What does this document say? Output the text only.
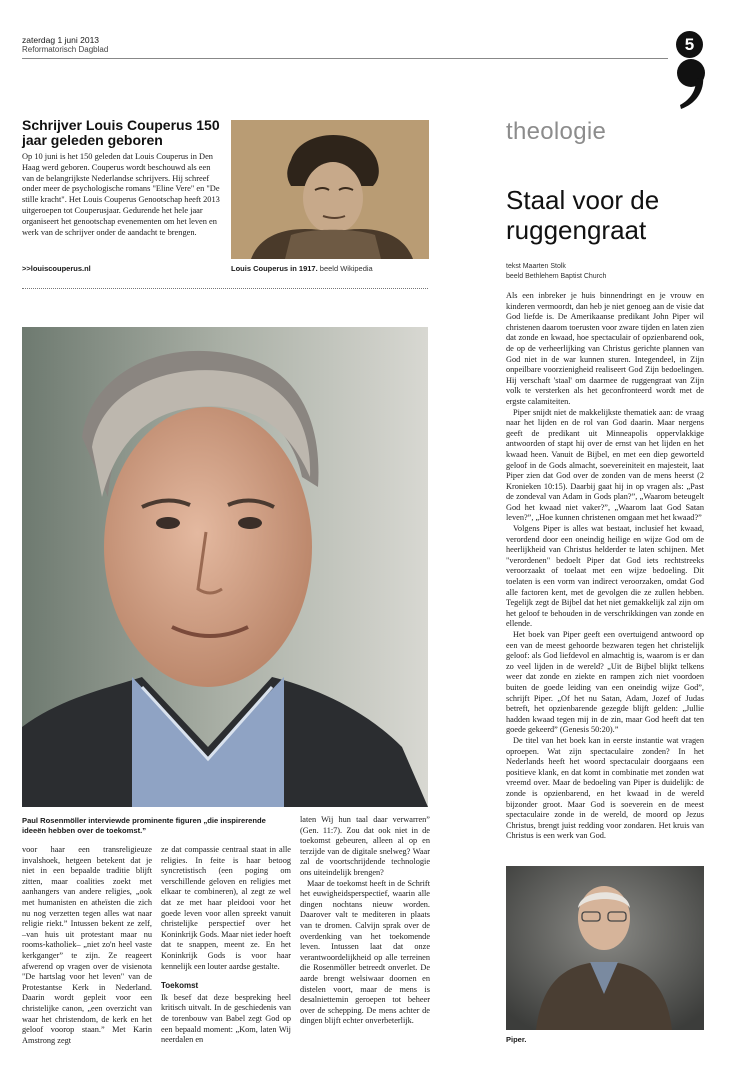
zaterdag 1 juni 2013
Reformatorisch Dagblad	5
Schrijver Louis Couperus 150 jaar geleden geboren
Op 10 juni is het 150 geleden dat Louis Couperus in Den Haag werd geboren. Couperus wordt beschouwd als een van de belangrijkste Nederlandse schrijvers. Hij schreef onder meer de psychologische romans "Eline Vere" en "De stille kracht". Het Louis Couperus Genootschap heeft 2013 uitgeroepen tot Couperusjaar. Gedurende het hele jaar organiseert het genootschap evenementen om het leven en werk van de schrijver onder de aandacht te brengen.
>>louiscouperus.nl	Louis Couperus in 1917. beeld Wikipedia
theologie
Staal voor de ruggengraat
tekst Maarten Stolk
beeld Bethlehem Baptist Church

Als een inbreker je huis binnendringt en je vrouw en kinderen vermoordt, dan heb je niet genoeg aan de visie dat God liefde is. De Amerikaanse predikant John Piper wil christenen daarom toerusten voor zware tijden en laten zien dat zonde en kwaad, hoe spectaculair of opzienbarend ook, de op de verheerlijking van Christus gerichte plannen van God niet in de war kunnen sturen. Integendeel, in Zijn onpeilbare voorzienigheid realiseert God Zijn bedoelingen. Hij verschaft 'staal' om daarmee de ruggengraat van Zijn volk te versterken als het geconfronteerd wordt met de ergste calamiteiten.

Piper snijdt niet de makkelijkste thematiek aan: de vraag naar het lijden en de rol van God daarin. Maar nergens geeft de predikant uit Minneapolis oppervlakkige antwoorden of stapt hij over de ernst van het lijden en het kwaad heen. Vanuit de Bijbel, en met een diep geworteld geloof in de Gods almacht, soevereiniteit en majesteit, laat Piper zien dat God over de zonden van de mens heerst (2 Kronieken 10:15). Daarbij gaat hij in op vragen als: „Past de zondeval van Adam in Gods plan?”, „Waarom beteugelt God het kwaad niet vaker?”, „Waarom laat God Satan leven?”, „Hoe kunnen christenen omgaan met het kwaad?”

Volgens Piper is alles wat bestaat, inclusief het kwaad, verordend door een oneindig heilige en wijze God om de heerlijkheid van Christus helderder te laten schijnen. Met "verordenen" bedoelt Piper dat God iets rechtstreeks veroorzaakt of toelaat met een wijze bedoeling. Dit toelaten is een vorm van indirect veroorzaken, omdat God alle factoren kent, met de gevolgen die ze zullen hebben. Tegelijk zegt de Bijbel dat het niet gemakkelijk zal zijn om het geloof te behouden in de verschrikkingen van zonde en ellende.

Het boek van Piper geeft een overtuigend antwoord op een van de meest gehoorde bezwaren tegen het christelijk geloof: als God liefdevol en almachtig is, waarom is er dan zo veel lijden in de wereld? „Uit de Bijbel blijkt telkens weer dat zonde en ziekte en rampen zich niet voordoen buiten de goede leiding van een oneindig wijze God”, schrijft Piper. „Of het nu Satan, Adam, Jozef of Judas betreft, het opzienbarende gezegde blijft gelden: „Jullie hadden kwaad tegen mij in de zin, maar God heeft dat ten goede gekeerd” (Genesis 50:20).”

De titel van het boek kan in eerste instantie wat vragen oproepen. Wat zijn spectaculaire zonden? In het Nederlands heeft het woord spectaculair doorgaans een positieve klank, en dat komt in combinatie met zonden wat vreemd over. Maar de bedoeling van Piper is duidelijk: de zonde is opzienbarend, en het kwaad in de wereld bijzonder groot. Maar God is soeverein en de meest spectaculaire zonde in de wereld, de moord op Jezus Christus, brengt juist redding voor zondaren. Het kruis van Christus is een werk van God.

Piper.
Paul Rosenmöller interviewde prominente figuren „die inspirerende ideeën hebben over de toekomst.”

voor haar een transreligieuze invalshoek, hetgeen betekent dat je niet in een bepaalde traditie blijft zitten, maar coalities zoekt met aanhangers van andere religies, „ook met humanisten en atheïsten die zich nu nog verzetten tegen alles wat naar religie riekt.” Intussen bekent ze zelf, –van huis uit protestant maar nu rooms-katholiek– „niet zo'n heel vaste kerkganger” te zijn. Ze reageert afwerend op vragen over de visienota "De hartslag voor het leven" van de Protestantse Kerk in Nederland. Daarin wordt gepleit voor een christelijke canon, „een overzicht van waar het christendom, de kerk en het geloof voorop staan.” Met Karin Amstrong zegt

ze dat compassie centraal staat in alle religies. In feite is haar betoog syncretistisch (een poging om verschillende geloven en religies met elkaar te combineren), al zegt ze wel dat ze met haar pleidooi voor het goede leven voor allen spreekt vanuit christelijke perspectief over het Koninkrijk Gods. Maar niet ieder hoeft dat te snappen, meent ze. En het Koninkrijk Gods is voor haar kennelijk een louter aardse gestalte.

Toekomst

Ik besef dat deze bespreking heel kritisch uitvalt. In de geschiedenis van de torenbouw van Babel zegt God op een bepaald moment: „Kom, laten Wij neerdalen en

laten Wij hun taal daar verwarren” (Gen. 11:7). Zou dat ook niet in de toekomst gebeuren, alleen al op en terzijde van de digitale snelweg? Waar zal de voortschrijdende technologie ons uiteindelijk brengen?

Maar de toekomst heeft in de Schrift het euwigheidsperspectief, waarin alle dingen nochtans nieuw worden. Daarover valt te mediteren in plaats van te dromen. Calvijn sprak over de overdenking van het toekomende leven. Intussen laat dat onze verantwoordelijkheid op alle terreinen die Rosenmöller betreedt onverlet. De aarde brengt welsiwaar doornen en distelen voort, maar de mens is desalniettemin geroepen tot beheer over de schepping. De mens achter de dingen blijft echter onverbeterlijk.
